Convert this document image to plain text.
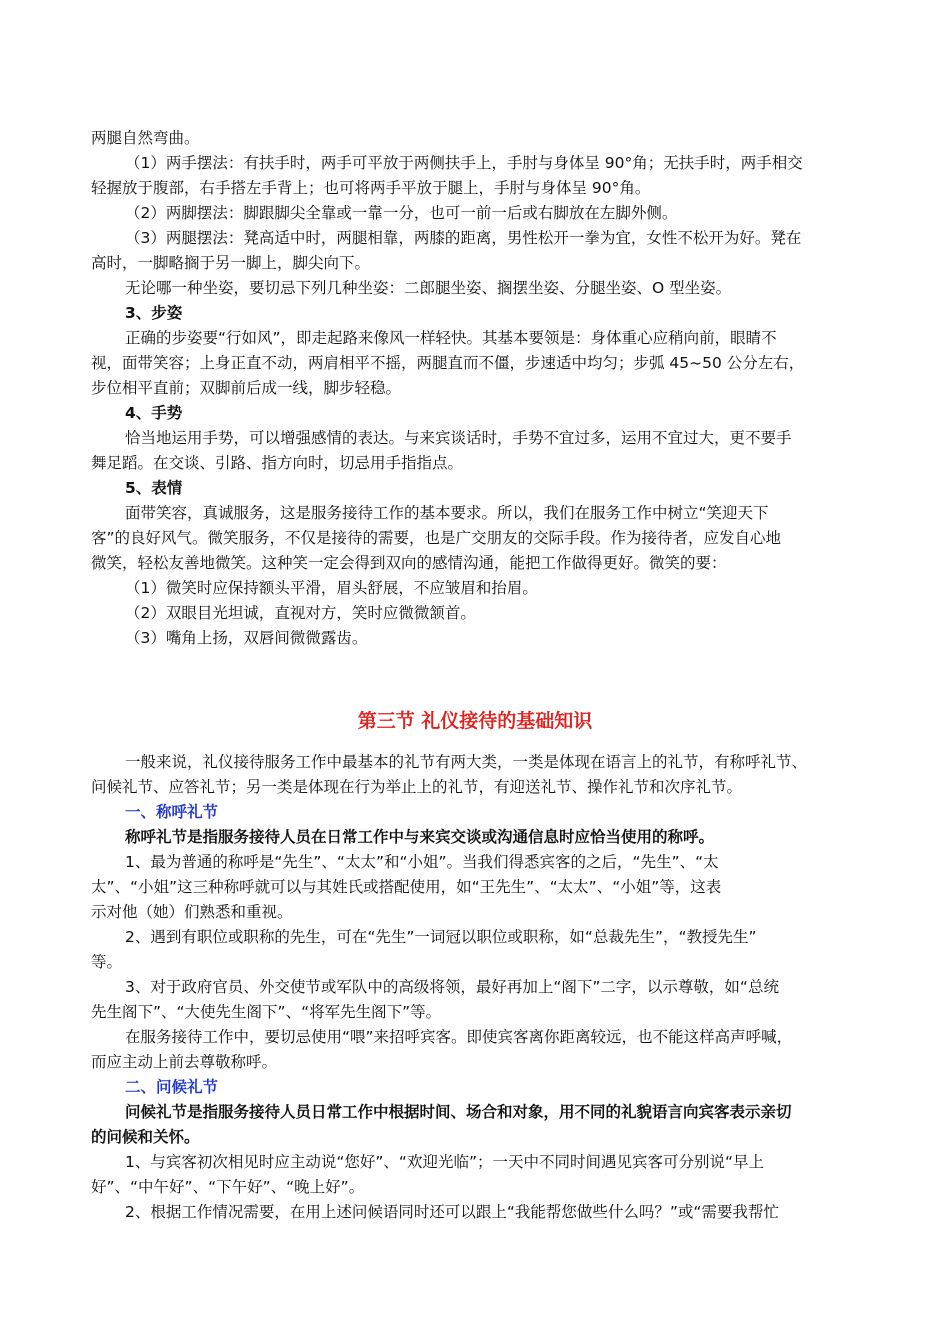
两腿自然弯曲。
（1）两手摆法：有扶手时，两手可平放于两侧扶手上，手肘与身体呈 90°角；无扶手时，两手相交
轻握放于腹部，右手搭左手背上；也可将两手平放于腿上，手肘与身体呈 90°角。
（2）两脚摆法：脚跟脚尖全靠或一靠一分，也可一前一后或右脚放在左脚外侧。
（3）两腿摆法：凳高适中时，两腿相靠，两膝的距离，男性松开一拳为宜，女性不松开为好。凳在
高时，一脚略搁于另一脚上，脚尖向下。
无论哪一种坐姿，要切忌下列几种坐姿：二郎腿坐姿、搁摆坐姿、分腿坐姿、O 型坐姿。
3、步姿
正确的步姿要“行如风”，即走起路来像风一样轻快。其基本要领是：身体重心应稍向前，眼睛不
视，面带笑容；上身正直不动，两肩相平不摇，两腿直而不僵，步速适中均匀；步弧 45~50 公分左右，
步位相平直前；双脚前后成一线，脚步轻稳。
4、手势
恰当地运用手势，可以增强感情的表达。与来宾谈话时，手势不宜过多，运用不宜过大，更不要手
舞足蹈。在交谈、引路、指方向时，切忌用手指指点。
5、表情
面带笑容，真诚服务，这是服务接待工作的基本要求。所以，我们在服务工作中树立“笑迎天下
客”的良好风气。微笑服务，不仅是接待的需要，也是广交朋友的交际手段。作为接待者，应发自心地
微笑，轻松友善地微笑。这种笑一定会得到双向的感情沟通，能把工作做得更好。微笑的要：
（1）微笑时应保持额头平滑，眉头舒展，不应皱眉和抬眉。
（2）双眼目光坦诚，直视对方，笑时应微微颔首。
（3）嘴角上扬，双唇间微微露齿。
第三节 礼仪接待的基础知识
一般来说，礼仪接待服务工作中最基本的礼节有两大类，一类是体现在语言上的礼节，有称呼礼节、
问候礼节、应答礼节；另一类是体现在行为举止上的礼节，有迎送礼节、操作礼节和次序礼节。
一、称呼礼节
称呼礼节是指服务接待人员在日常工作中与来宾交谈或沟通信息时应恰当使用的称呼。
1、最为普通的称呼是“先生”、“太太”和“小姐”。当我们得悉宾客的之后，“先生”、“太
太”、“小姐”这三种称呼就可以与其姓氏或搭配使用，如“王先生”、“太太”、“小姐”等，这表
示对他（她）们熟悉和重视。
2、遇到有职位或职称的先生，可在“先生”一词冠以职位或职称，如“总裁先生”，“教授先生”
等。
3、对于政府官员、外交使节或军队中的高级将领，最好再加上“阁下”二字，以示尊敬，如“总统
先生阁下”、“大使先生阁下”、“将军先生阁下”等。
在服务接待工作中，要切忌使用“喂”来招呼宾客。即使宾客离你距离较远，也不能这样高声呼喊，
而应主动上前去尊敬称呼。
二、问候礼节
问候礼节是指服务接待人员日常工作中根据时间、场合和对象，用不同的礼貌语言向宾客表示亲切
的问候和关怀。
1、与宾客初次相见时应主动说“您好”、“欢迎光临”；一天中不同时间遇见宾客可分别说“早上
好”、“中午好”、“下午好”、“晚上好”。
2、根据工作情况需要，在用上述问候语同时还可以跟上“我能帮您做些什么吗？”或“需要我帮忙
